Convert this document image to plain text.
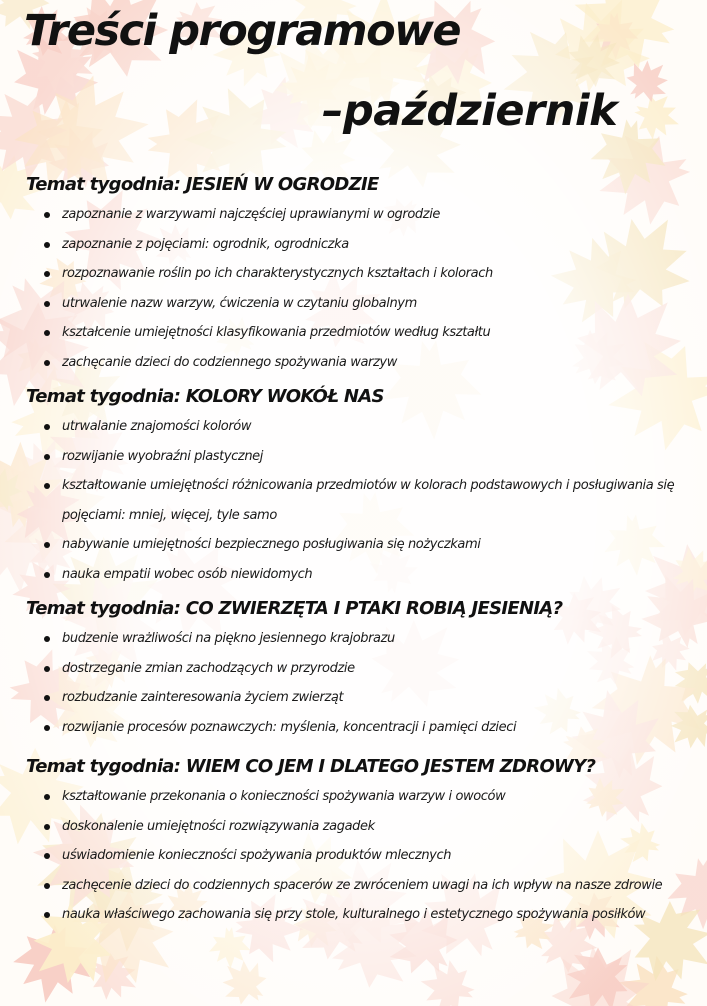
Treści programowe
–październik
Temat tygodnia: JESIEŃ W OGRODZIE
zapoznanie z warzywami najczęściej uprawianymi w ogrodzie
zapoznanie z pojęciami: ogrodnik, ogrodniczka
rozpoznawanie roślin po ich charakterystycznych kształtach i kolorach
utrwalenie nazw warzyw, ćwiczenia w czytaniu globalnym
kształcenie umiejętności klasyfikowania przedmiotów według kształtu
zachęcanie dzieci do codziennego spożywania warzyw
Temat tygodnia: KOLORY WOKÓŁ NAS
utrwalanie znajomości kolorów
rozwijanie wyobraźni plastycznej
kształtowanie umiejętności różnicowania przedmiotów w kolorach podstawowych i posługiwania się pojęciami: mniej, więcej, tyle samo
nabywanie umiejętności bezpiecznego posługiwania się nożyczkami
nauka empatii wobec osób niewidomych
Temat tygodnia: CO ZWIERZĘTA I PTAKI ROBIĄ JESIENIĄ?
budzenie wrażliwości na piękno jesiennego krajobrazu
dostrzeganie zmian zachodzących w przyrodzie
rozbudzanie zainteresowania życiem zwierząt
rozwijanie procesów poznawczych: myślenia, koncentracji i pamięci dzieci
Temat tygodnia: WIEM CO JEM I DLATEGO JESTEM ZDROWY?
kształtowanie przekonania o konieczności spożywania warzyw i owoców
doskonalenie umiejętności rozwiązywania zagadek
uświadomienie konieczności spożywania produktów mlecznych
zachęcenie dzieci do codziennych spacerów ze zwróceniem uwagi na ich wpływ na nasze zdrowie
nauka właściwego zachowania się przy stole, kulturalnego i estetycznego spożywania posiłków
